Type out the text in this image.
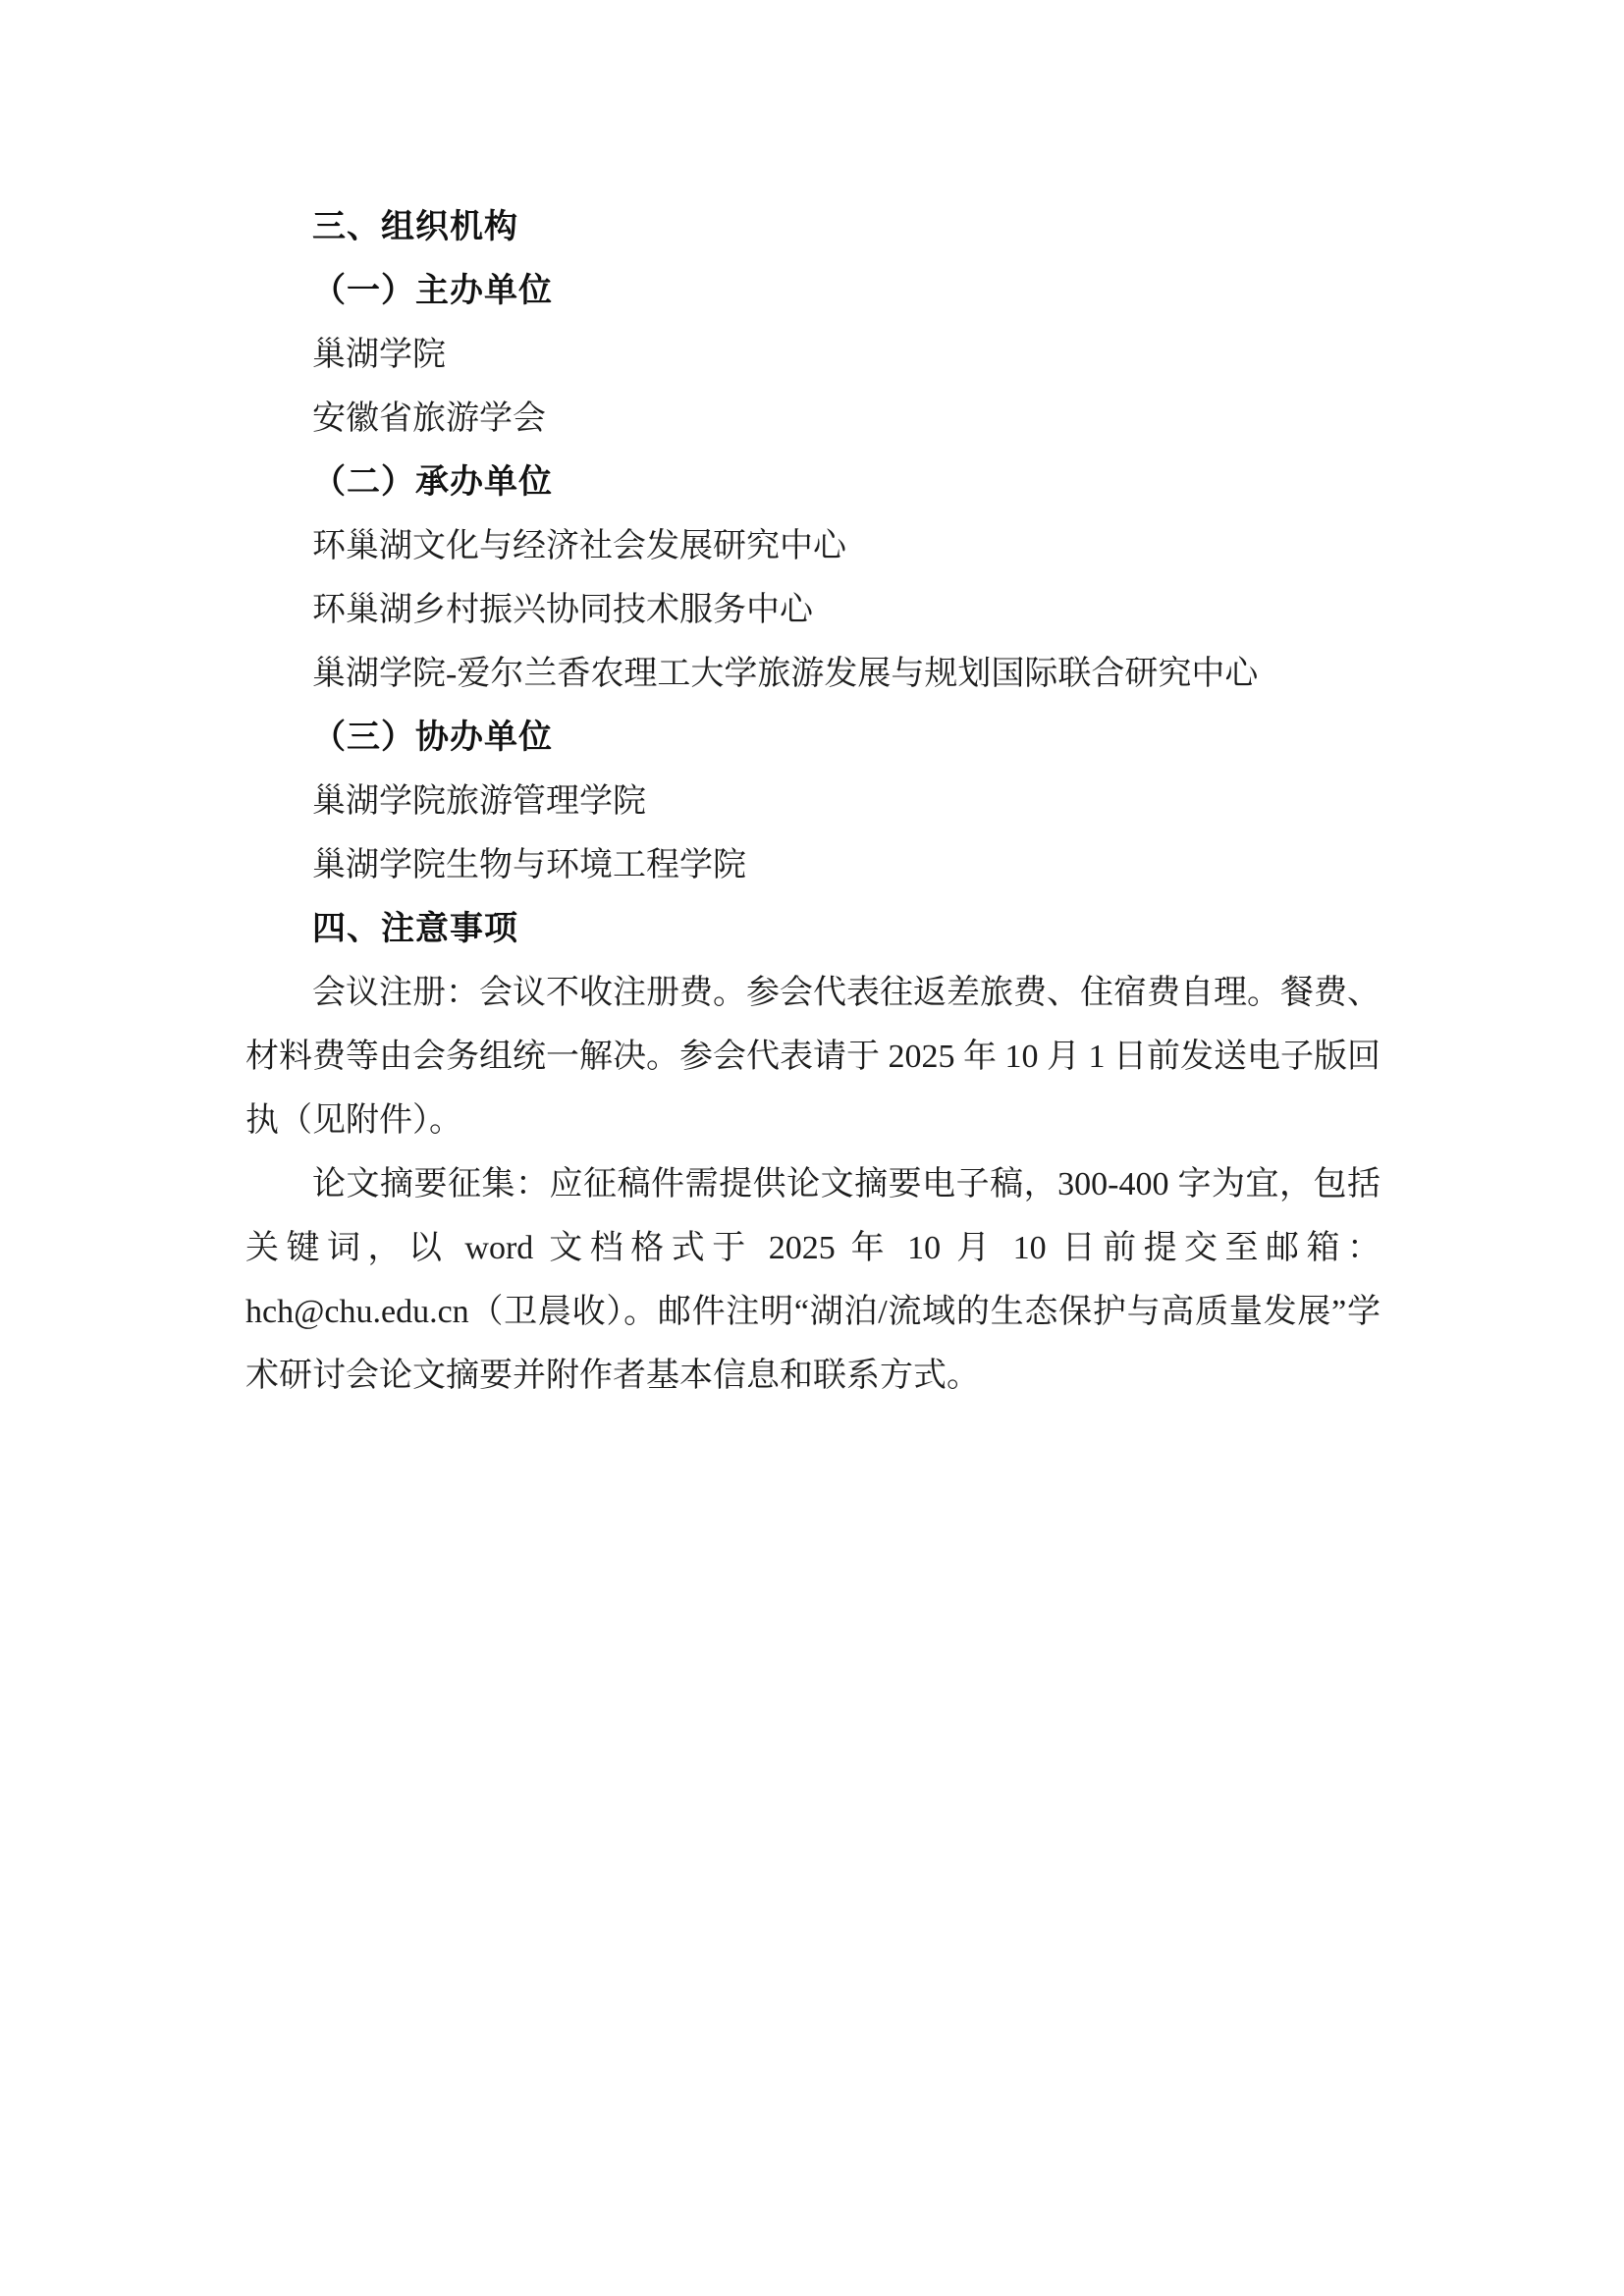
三、组织机构

（一）主办单位

巢湖学院

安徽省旅游学会

（二）承办单位

环巢湖文化与经济社会发展研究中心

环巢湖乡村振兴协同技术服务中心

巢湖学院-爱尔兰香农理工大学旅游发展与规划国际联合研究中心

（三）协办单位

巢湖学院旅游管理学院

巢湖学院生物与环境工程学院

四、注意事项

会议注册：会议不收注册费。参会代表往返差旅费、住宿费自理。餐费、材料费等由会务组统一解决。参会代表请于 2025 年 10 月 1 日前发送电子版回执（见附件）。

论文摘要征集：应征稿件需提供论文摘要电子稿，300-400 字为宜，包括关键词，以 word 文档格式于 2025 年 10 月 10 日前提交至邮箱：hch@chu.edu.cn（卫晨收）。邮件注明“湖泊/流域的生态保护与高质量发展”学术研讨会论文摘要并附作者基本信息和联系方式。
